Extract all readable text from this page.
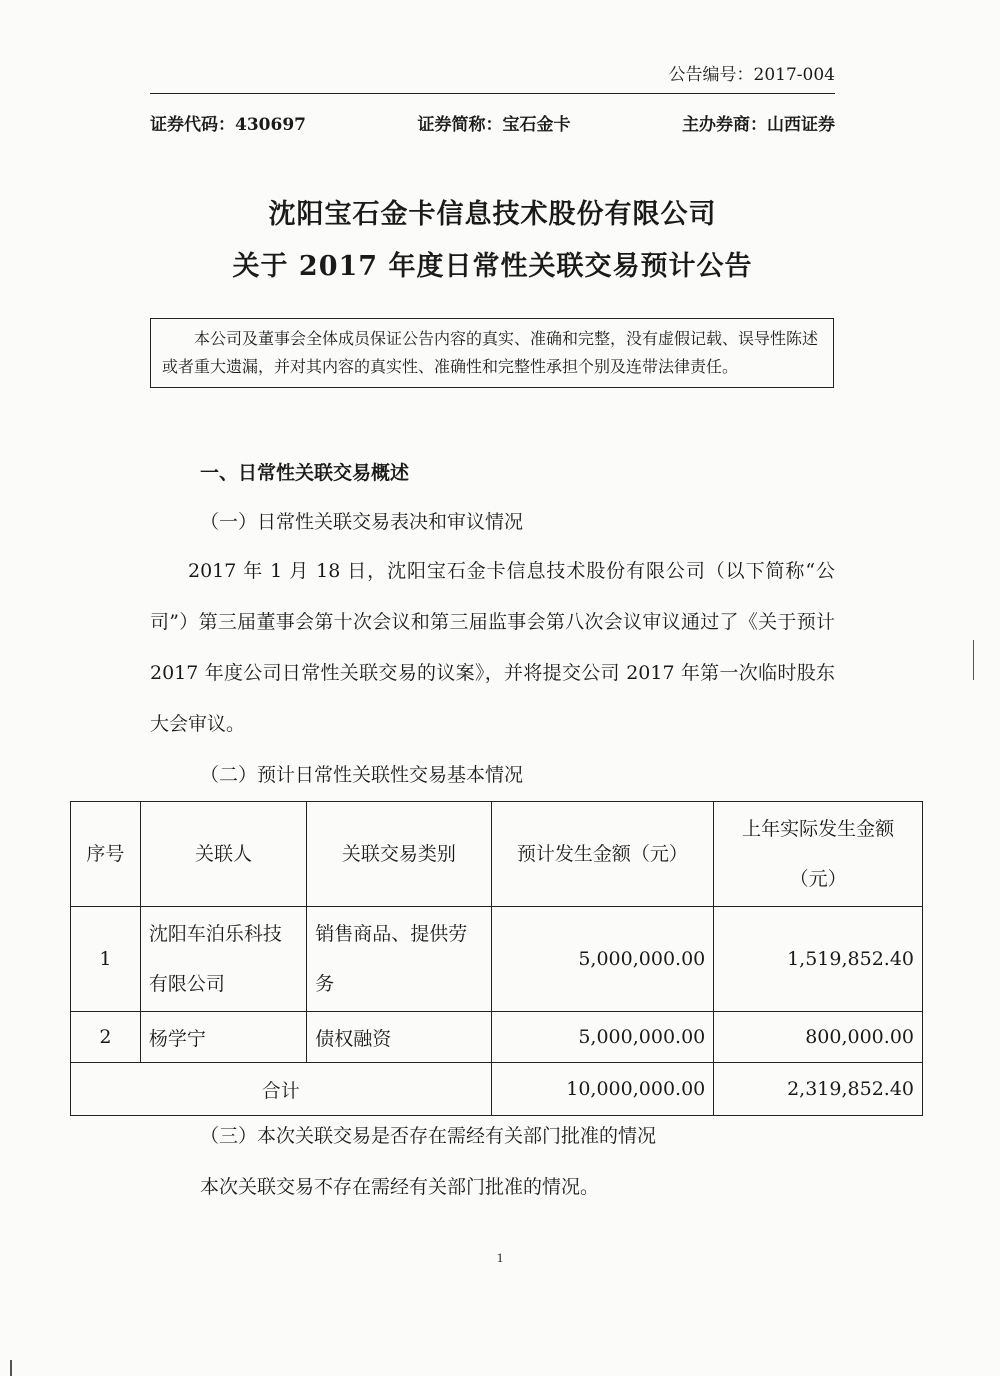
公告编号：2017-004
证券代码：430697	证券简称：宝石金卡	主办券商：山西证券
沈阳宝石金卡信息技术股份有限公司
关于 2017 年度日常性关联交易预计公告
本公司及董事会全体成员保证公告内容的真实、准确和完整，没有虚假记载、误导性陈述或者重大遗漏，并对其内容的真实性、准确性和完整性承担个别及连带法律责任。
一、日常性关联交易概述
（一）日常性关联交易表决和审议情况
2017 年 1 月 18 日，沈阳宝石金卡信息技术股份有限公司（以下简称“公司”）第三届董事会第十次会议和第三届监事会第八次会议审议通过了《关于预计 2017 年度公司日常性关联交易的议案》，并将提交公司 2017 年第一次临时股东大会审议。
（二）预计日常性关联性交易基本情况
序号	关联人	关联交易类别	预计发生金额（元）	上年实际发生金额（元）
1	沈阳车泊乐科技有限公司	销售商品、提供劳务	5,000,000.00	1,519,852.40
2	杨学宁	债权融资	5,000,000.00	800,000.00
合计			10,000,000.00	2,319,852.40
（三）本次关联交易是否存在需经有关部门批准的情况
本次关联交易不存在需经有关部门批准的情况。
1
